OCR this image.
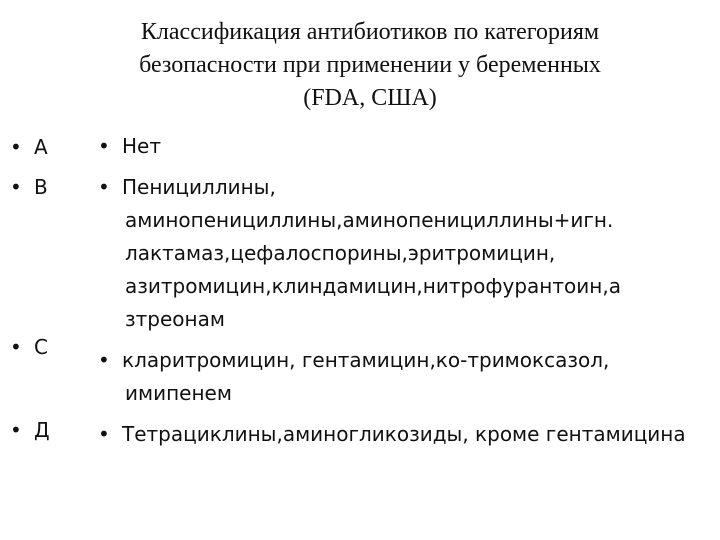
Классификация антибиотиков по категориям
безопасности при применении у беременных
(FDA, США)
• А
• В
• С
• Д
• Нет
• Пенициллины, аминопенициллины,аминопенициллины+игн. лактамаз,цефалоспорины,эритромицин, азитромицин,клиндамицин,нитрофурантоин,а зтреонам
• кларитромицин, гентамицин,ко-тримоксазол, имипенем
• Тетрациклины,аминогликозиды, кроме гентамицина
